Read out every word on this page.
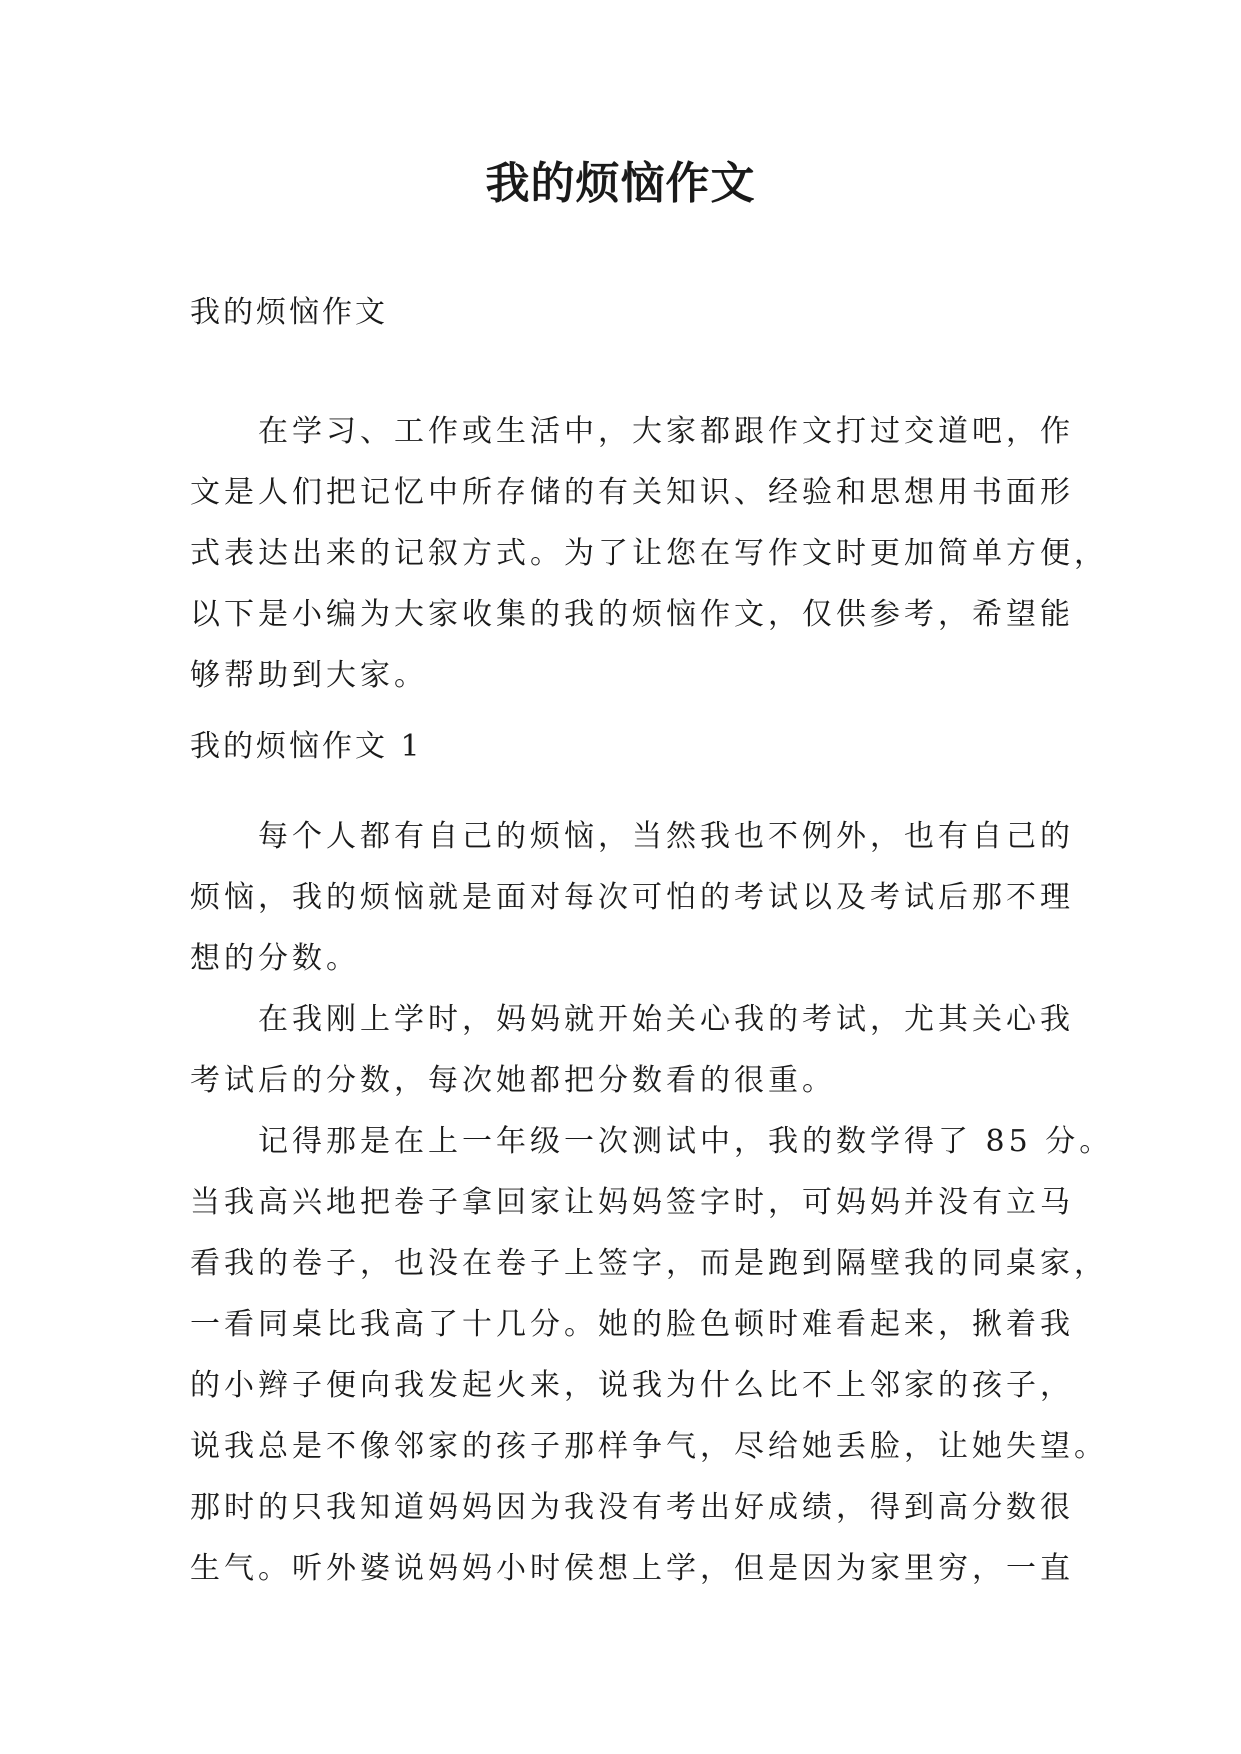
我的烦恼作文
我的烦恼作文
在学习、工作或生活中，大家都跟作文打过交道吧，作
文是人们把记忆中所存储的有关知识、经验和思想用书面形
式表达出来的记叙方式。为了让您在写作文时更加简单方便，
以下是小编为大家收集的我的烦恼作文，仅供参考，希望能
够帮助到大家。
我的烦恼作文 1
每个人都有自己的烦恼，当然我也不例外，也有自己的
烦恼，我的烦恼就是面对每次可怕的考试以及考试后那不理
想的分数。
在我刚上学时，妈妈就开始关心我的考试，尤其关心我
考试后的分数，每次她都把分数看的很重。
记得那是在上一年级一次测试中，我的数学得了 85 分。
当我高兴地把卷子拿回家让妈妈签字时，可妈妈并没有立马
看我的卷子，也没在卷子上签字，而是跑到隔壁我的同桌家，
一看同桌比我高了十几分。她的脸色顿时难看起来，揪着我
的小辫子便向我发起火来，说我为什么比不上邻家的孩子，
说我总是不像邻家的孩子那样争气，尽给她丢脸，让她失望。
那时的只我知道妈妈因为我没有考出好成绩，得到高分数很
生气。听外婆说妈妈小时侯想上学，但是因为家里穷，一直
